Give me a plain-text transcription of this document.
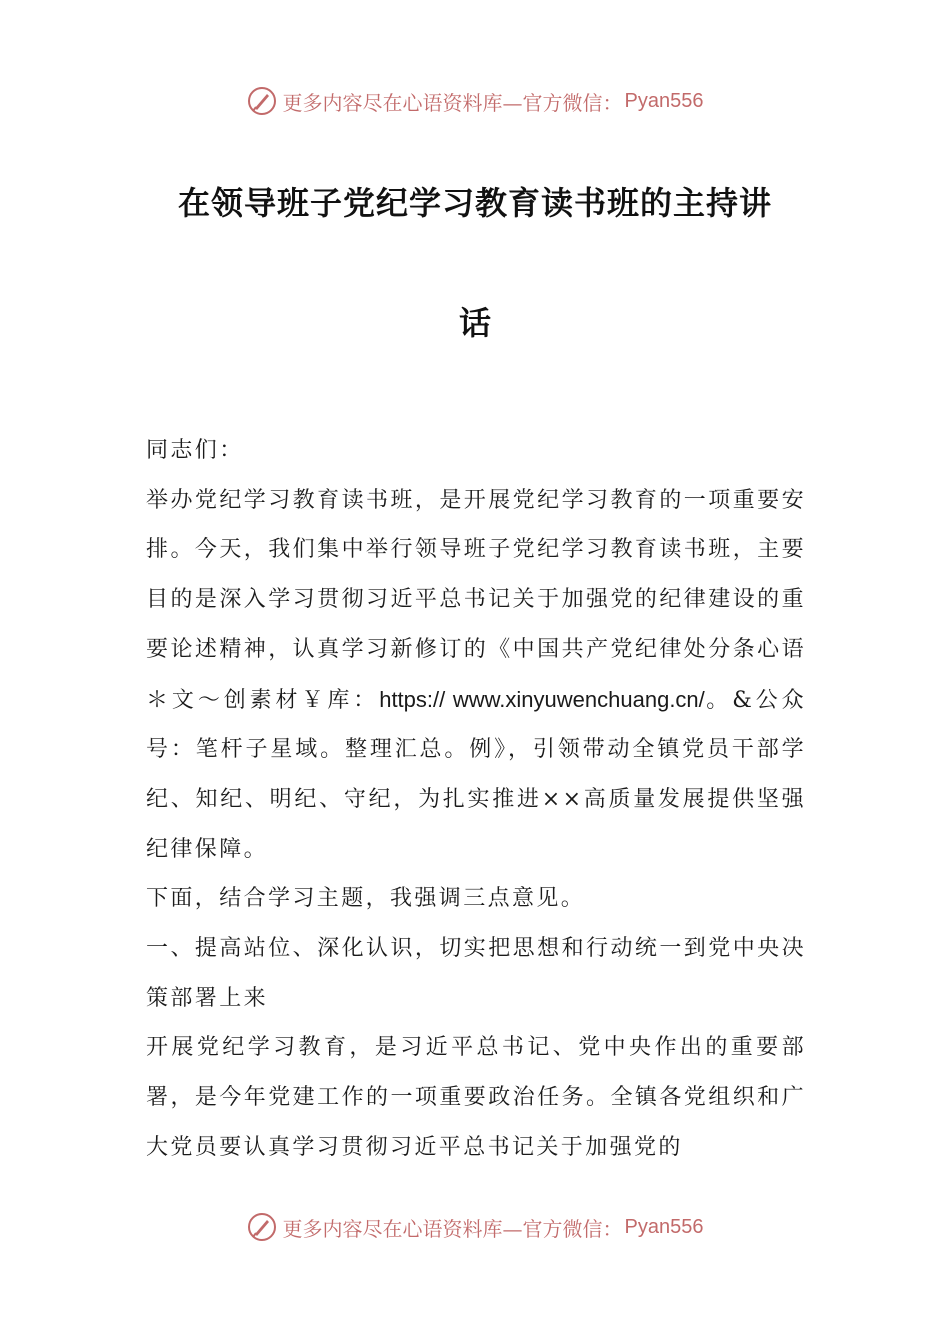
更多内容尽在心语资料库—官方微信： Pyan556
在领导班子党纪学习教育读书班的主持讲
话

同志们：

举办党纪学习教育读书班，是开展党纪学习教育的一项重要安排。今天，我们集中举行领导班子党纪学习教育读书班，主要目的是深入学习贯彻习近平总书记关于加强党的纪律建设的重要论述精神，认真学习新修订的《中国共产党纪律处分条心语＊文～创素材￥库：https:// www.xinyuwenchuang.cn/。&公众号：笔杆子星域。整理汇总。例》，引领带动全镇党员干部学纪、知纪、明纪、守纪，为扎实推进××高质量发展提供坚强纪律保障。

下面，结合学习主题，我强调三点意见。

一、提高站位、深化认识，切实把思想和行动统一到党中央决策部署上来

开展党纪学习教育，是习近平总书记、党中央作出的重要部署，是今年党建工作的一项重要政治任务。全镇各党组织和广大党员要认真学习贯彻习近平总书记关于加强党的

更多内容尽在心语资料库—官方微信： Pyan556
